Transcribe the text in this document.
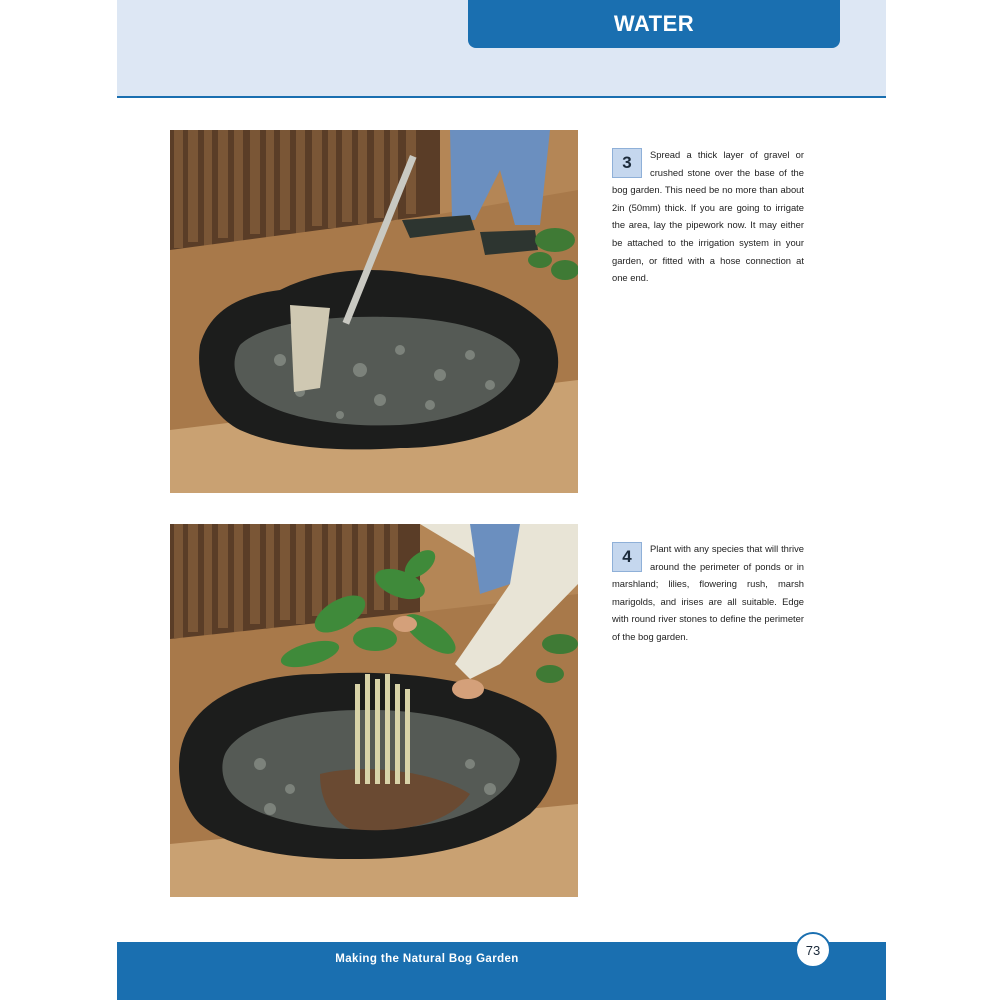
WATER
3	Spread a thick layer of gravel or crushed stone over the base of the bog garden. This need be no more than about 2in (50mm) thick. If you are going to irrigate the area, lay the pipework now. It may either be attached to the irrigation system in your garden, or fitted with a hose connection at one end.

4	Plant with any species that will thrive around the perimeter of ponds or in marshland; lilies, flowering rush, marsh marigolds, and irises are all suitable. Edge with round river stones to define the perimeter of the bog garden.

Making the Natural Bog Garden
73
